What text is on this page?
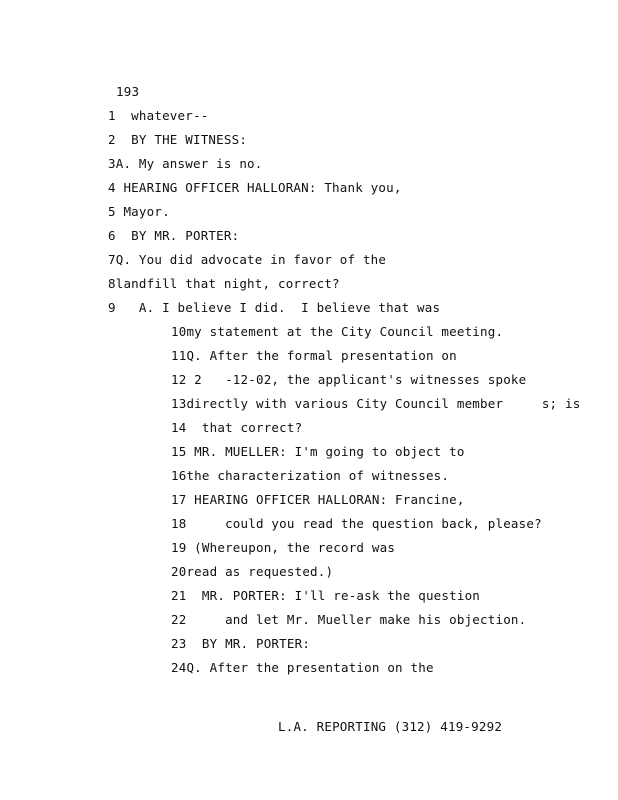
193
1  whatever--
2  BY THE WITNESS:
3A. My answer is no.
4 HEARING OFFICER HALLORAN: Thank you,
5 Mayor.
6  BY MR. PORTER:
7Q. You did advocate in favor of the
8landfill that night, correct?
9   A. I believe I did.  I believe that was
10my statement at the City Council meeting.
11Q. After the formal presentation on
12 2   -12-02, the applicant's witnesses spoke
13directly with various City Council member     s; is
14  that correct?
15 MR. MUELLER: I'm going to object to
16the characterization of witnesses.
17 HEARING OFFICER HALLORAN: Francine,
18     could you read the question back, please?
19 (Whereupon, the record was
20read as requested.)
21  MR. PORTER: I'll re-ask the question
22     and let Mr. Mueller make his objection.
23  BY MR. PORTER:
24Q. After the presentation on the
L.A. REPORTING (312) 419-9292
